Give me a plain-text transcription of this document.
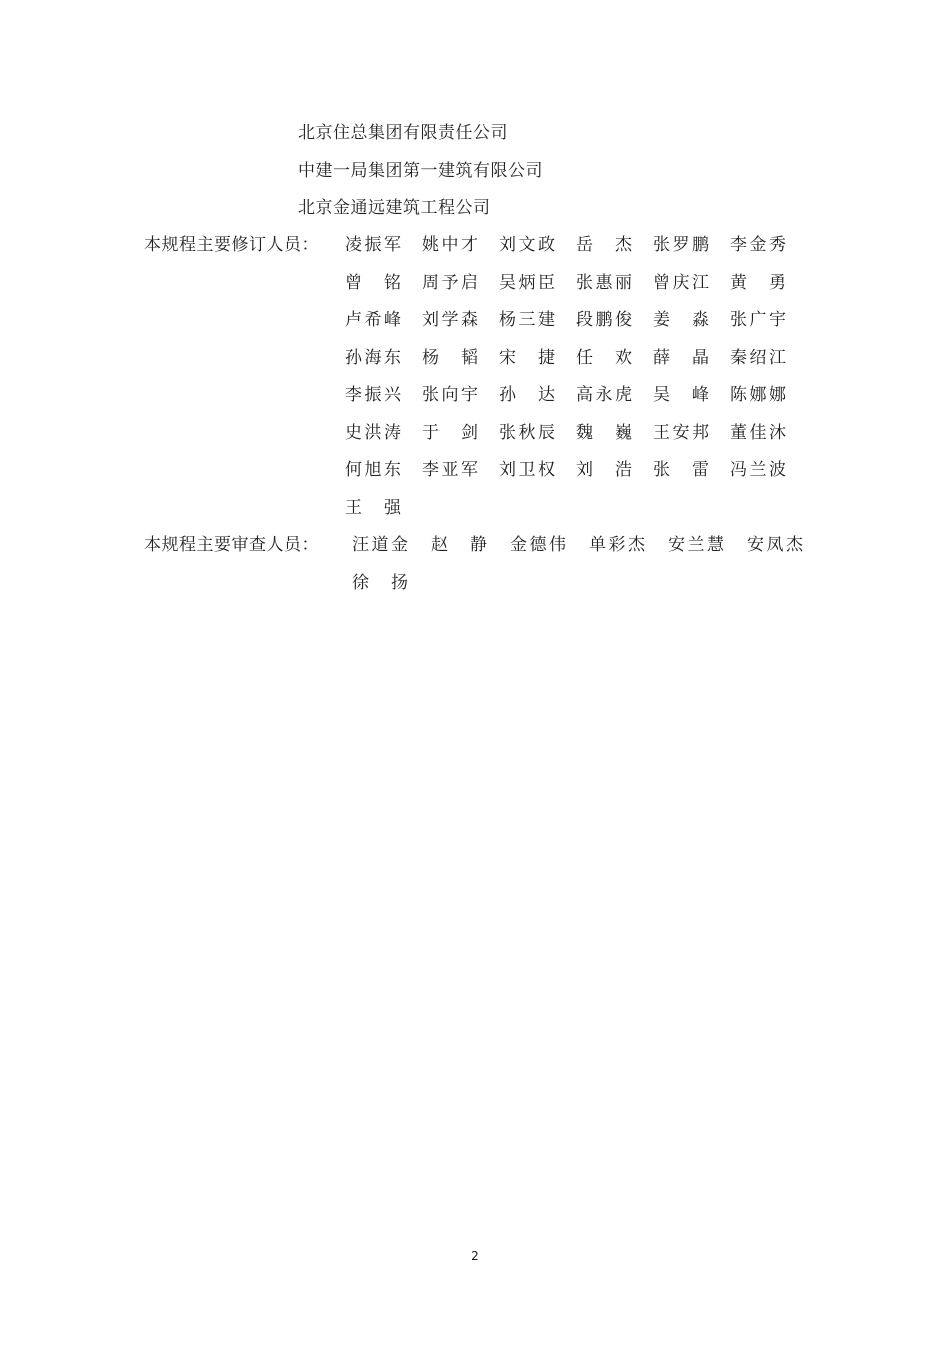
北京住总集团有限责任公司
中建一局集团第一建筑有限公司
北京金通远建筑工程公司
本规程主要修订人员： 凌振军 姚中才 刘文政 岳　杰 张罗鹏 李金秀
曾　铭 周予启 吴炳臣 张惠丽 曾庆江 黄　勇
卢希峰 刘学森 杨三建 段鹏俊 姜　淼 张广宇
孙海东 杨　韬 宋　捷 任　欢 薛　晶 秦绍江
李振兴 张向宇 孙　达 高永虎 吴　峰 陈娜娜
史洪涛 于　剑 张秋辰 魏　巍 王安邦 董佳沐
何旭东 李亚军 刘卫权 刘　浩 张　雷 冯兰波
王　强
本规程主要审查人员： 汪道金 赵　静 金德伟 单彩杰 安兰慧 安凤杰
徐　扬
2
